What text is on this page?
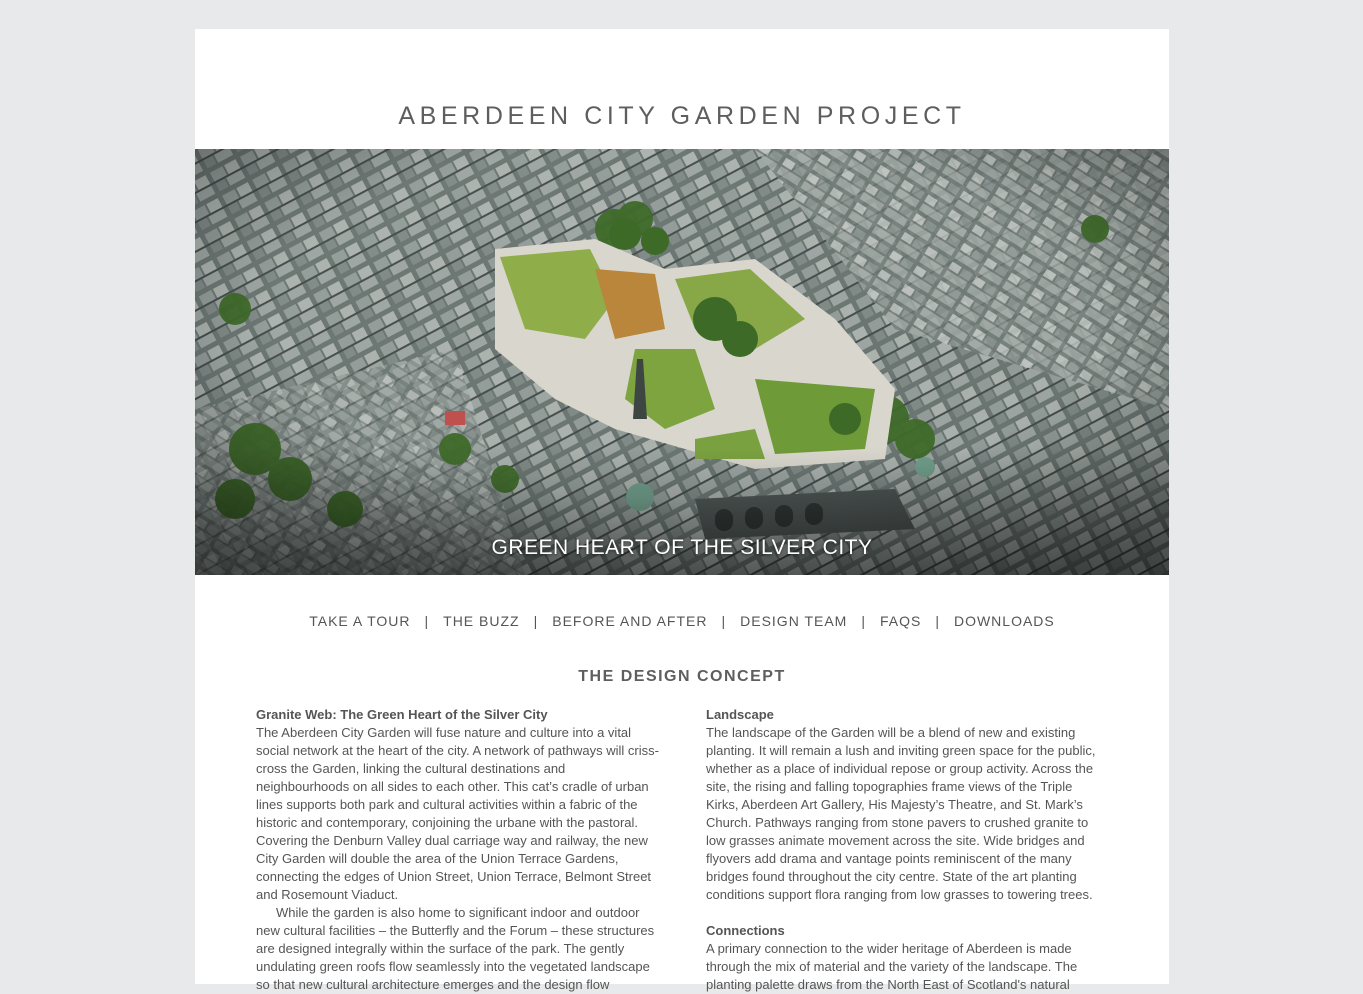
ABERDEEN CITY GARDEN PROJECT
GREEN HEART OF THE SILVER CITY
TAKE A TOUR | THE BUZZ | BEFORE AND AFTER | DESIGN TEAM | FAQS | DOWNLOADS
THE DESIGN CONCEPT
Granite Web: The Green Heart of the Silver City

The Aberdeen City Garden will fuse nature and culture into a vital social network at the heart of the city. A network of pathways will criss-cross the Garden, linking the cultural destinations and neighbourhoods on all sides to each other. This cat’s cradle of urban lines supports both park and cultural activities within a fabric of the historic and contemporary, conjoining the urbane with the pastoral. Covering the Denburn Valley dual carriage way and railway, the new City Garden will double the area of the Union Terrace Gardens, connecting the edges of Union Street, Union Terrace, Belmont Street and Rosemount Viaduct.

While the garden is also home to significant indoor and outdoor new cultural facilities – the Butterfly and the Forum – these structures are designed integrally within the surface of the park. The gently undulating green roofs flow seamlessly into the vegetated landscape so that new cultural architecture emerges and the design flow

Landscape

The landscape of the Garden will be a blend of new and existing planting. It will remain a lush and inviting green space for the public, whether as a place of individual repose or group activity. Across the site, the rising and falling topographies frame views of the Triple Kirks, Aberdeen Art Gallery, His Majesty’s Theatre, and St. Mark’s Church. Pathways ranging from stone pavers to crushed granite to low grasses animate movement across the site. Wide bridges and flyovers add drama and vantage points reminiscent of the many bridges found throughout the city centre. State of the art planting conditions support flora ranging from low grasses to towering trees.

Connections

A primary connection to the wider heritage of Aberdeen is made through the mix of material and the variety of the landscape. The planting palette draws from the North East of Scotland's natural
